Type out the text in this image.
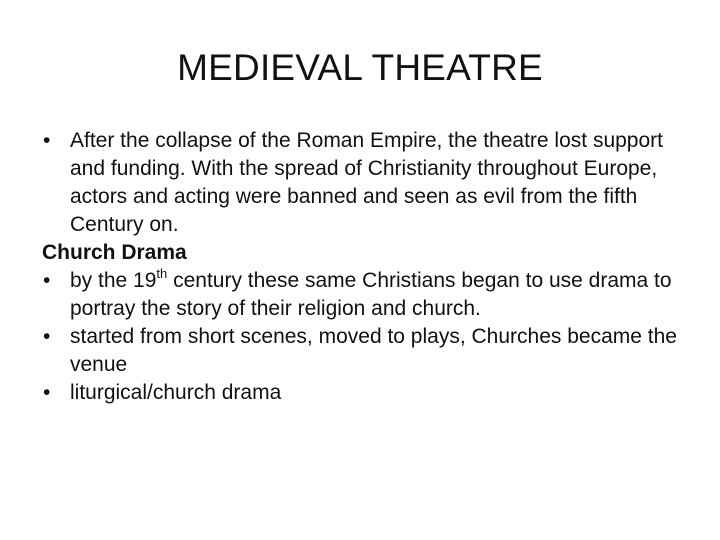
MEDIEVAL THEATRE

• After the collapse of the Roman Empire, the theatre lost support and funding. With the spread of Christianity throughout Europe, actors and acting were banned and seen as evil from the fifth Century on.

Church Drama

• by the 19th century these same Christians began to use drama to portray the story of their religion and church.

• started from short scenes, moved to plays, Churches became the venue

• liturgical/church drama
